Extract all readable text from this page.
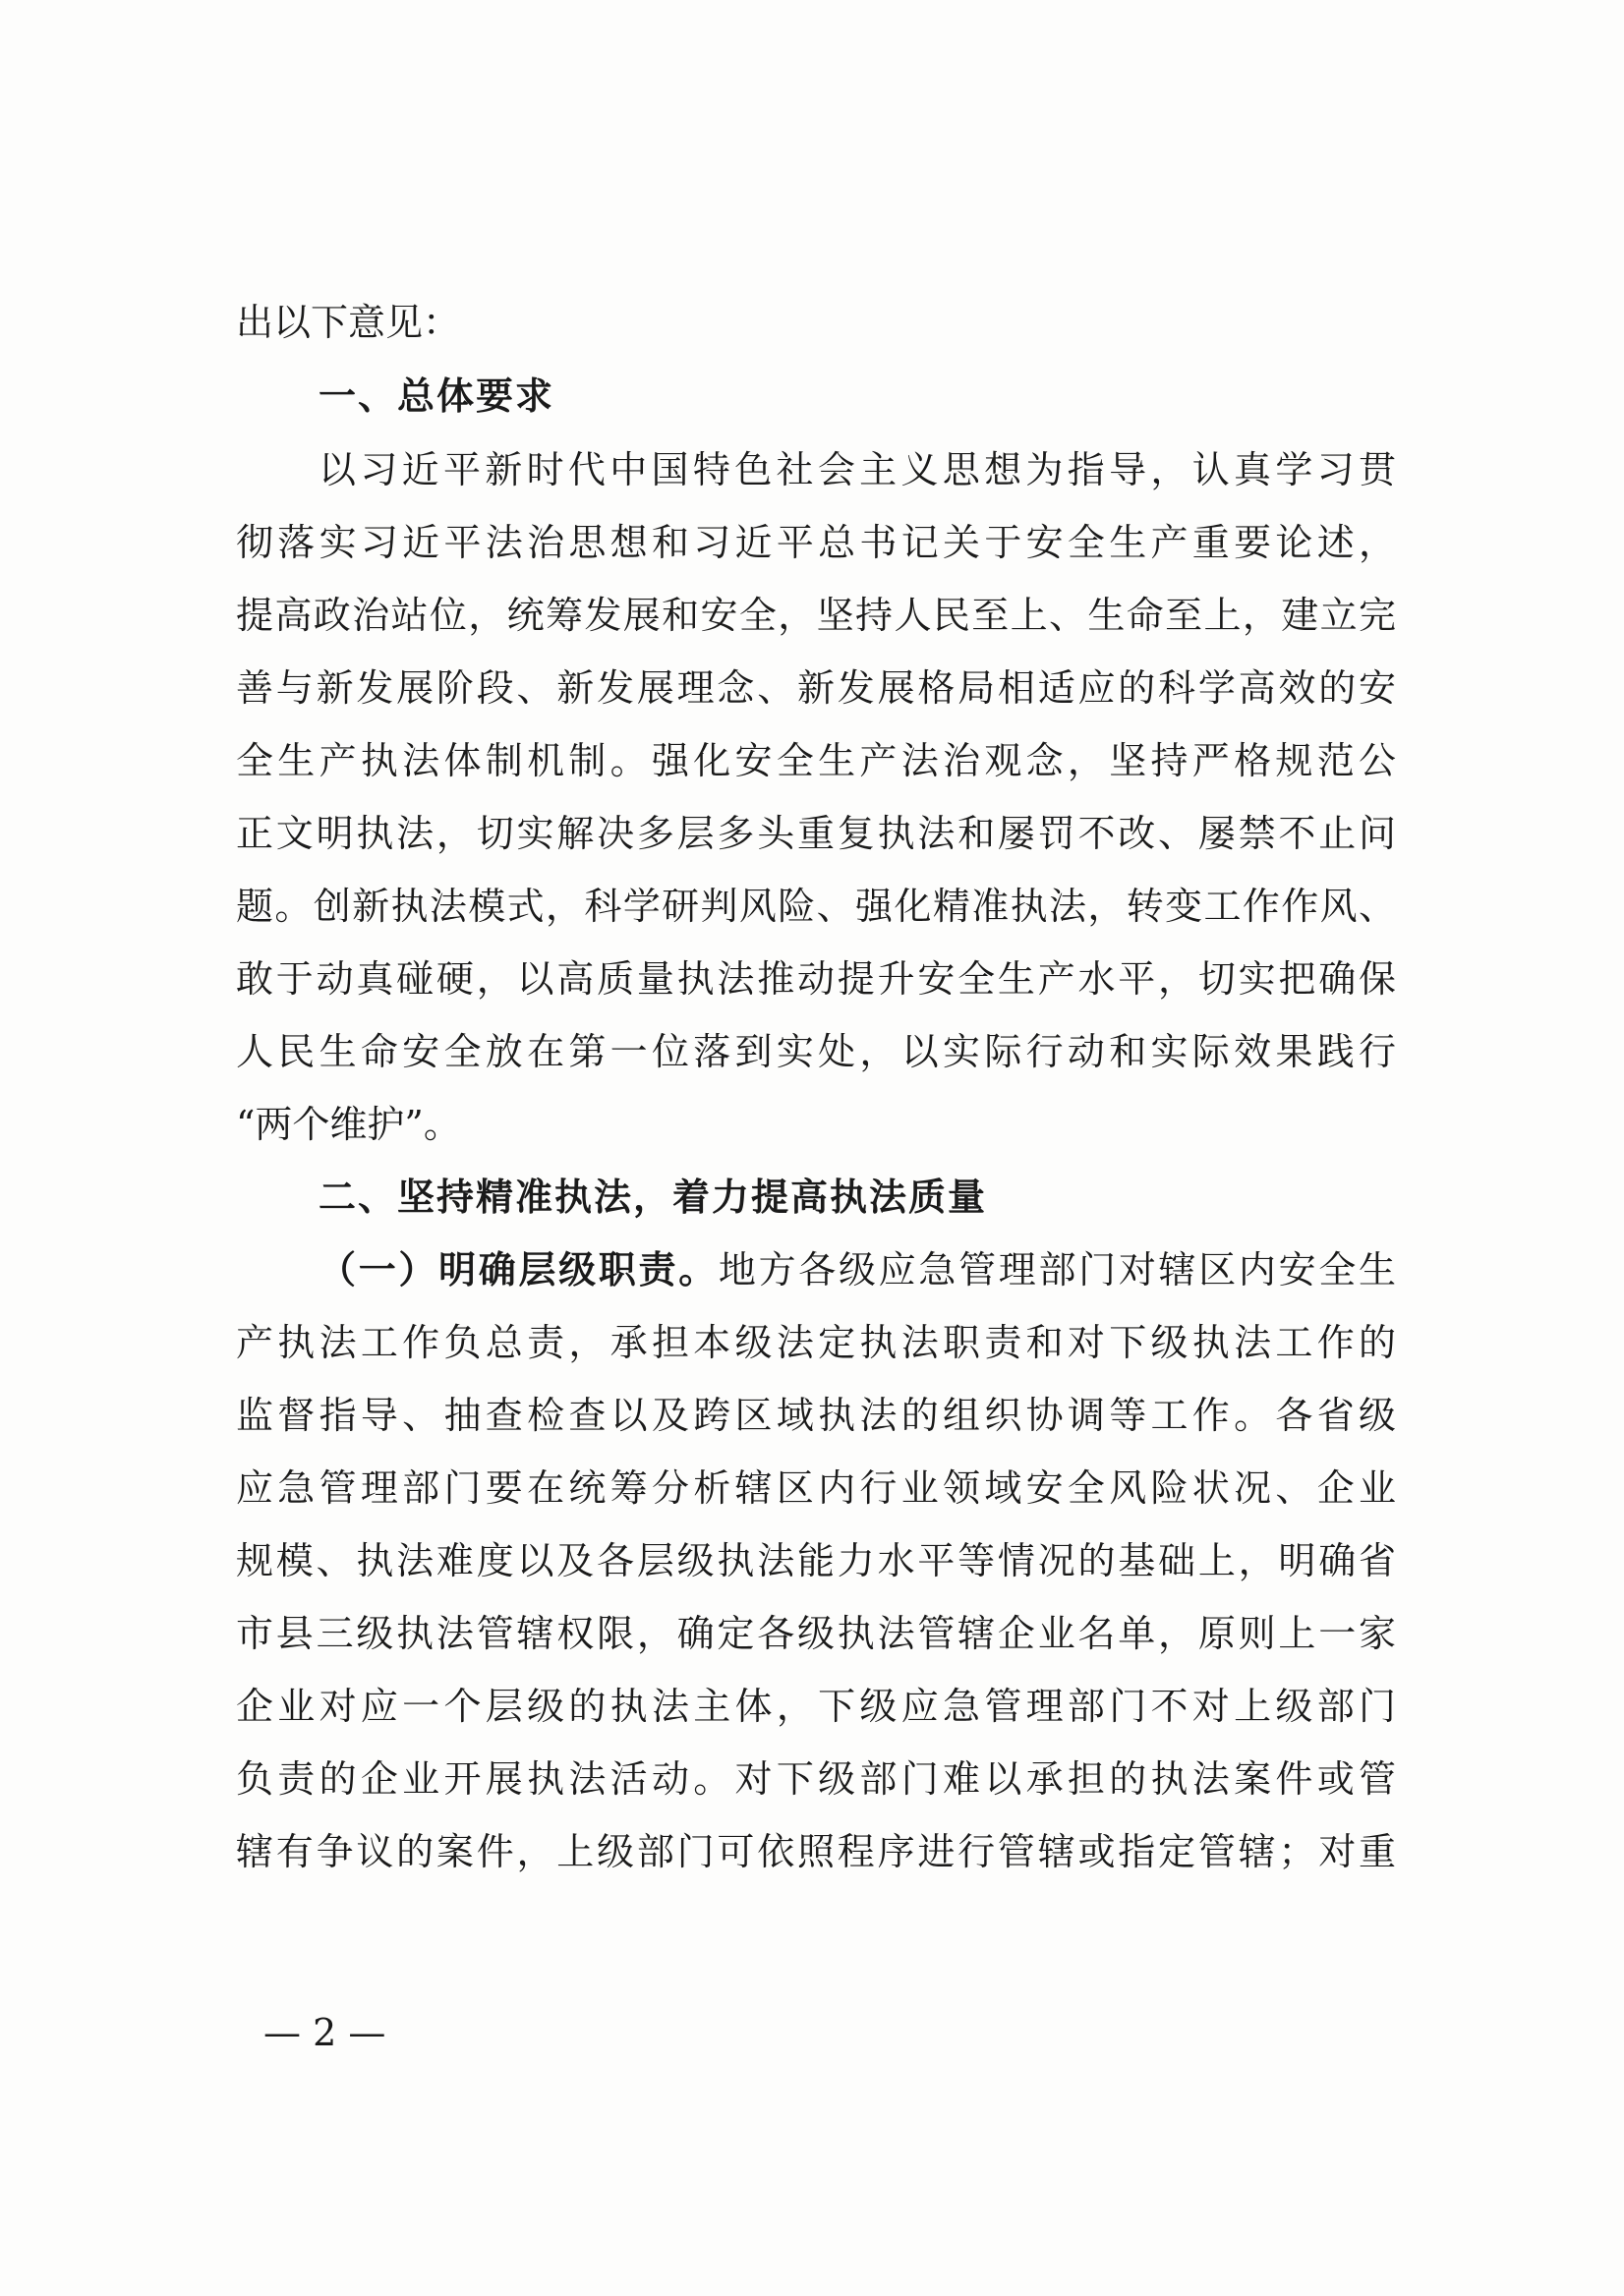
出以下意见：
一、总体要求
以习近平新时代中国特色社会主义思想为指导，认真学习贯
彻落实习近平法治思想和习近平总书记关于安全生产重要论述，
提高政治站位，统筹发展和安全，坚持人民至上、生命至上，建立完
善与新发展阶段、新发展理念、新发展格局相适应的科学高效的安
全生产执法体制机制。强化安全生产法治观念，坚持严格规范公
正文明执法，切实解决多层多头重复执法和屡罚不改、屡禁不止问
题。创新执法模式，科学研判风险、强化精准执法，转变工作作风、
敢于动真碰硬，以高质量执法推动提升安全生产水平，切实把确保
人民生命安全放在第一位落到实处，以实际行动和实际效果践行
“两个维护”。
二、坚持精准执法，着力提高执法质量
（一）明确层级职责。地方各级应急管理部门对辖区内安全生
产执法工作负总责，承担本级法定执法职责和对下级执法工作的
监督指导、抽查检查以及跨区域执法的组织协调等工作。各省级
应急管理部门要在统筹分析辖区内行业领域安全风险状况、企业
规模、执法难度以及各层级执法能力水平等情况的基础上，明确省
市县三级执法管辖权限，确定各级执法管辖企业名单，原则上一家
企业对应一个层级的执法主体，下级应急管理部门不对上级部门
负责的企业开展执法活动。对下级部门难以承担的执法案件或管
辖有争议的案件，上级部门可依照程序进行管辖或指定管辖；对重
— 2 —
